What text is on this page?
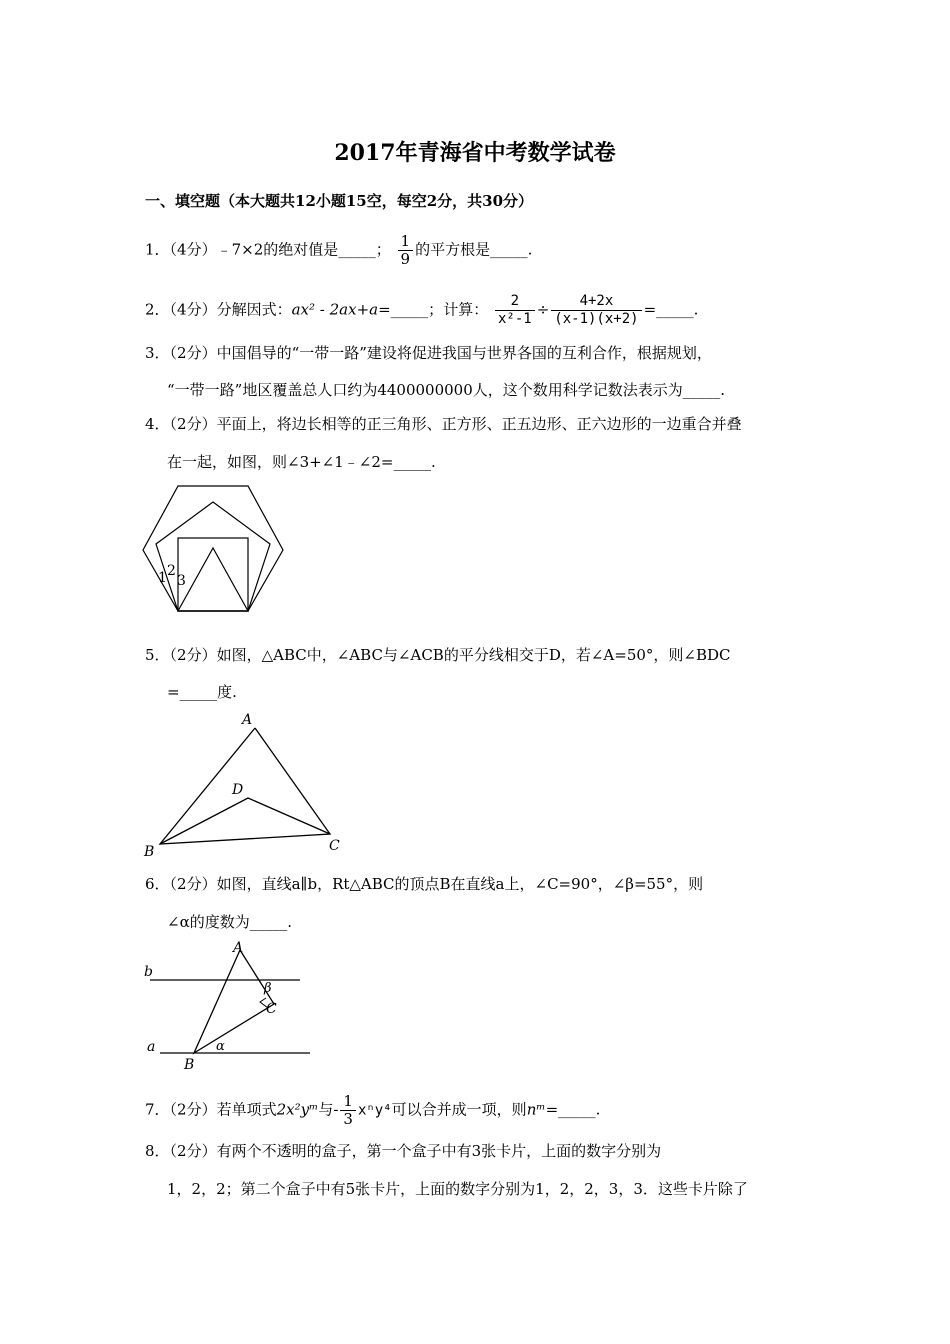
2017年青海省中考数学试卷
一、填空题（本大题共12小题15空，每空2分，共30分）
1．（4分）﹣7×2的绝对值是_____； $\frac{1}{9}$ 的平方根是_____.
2．（4分）分解因式：ax² - 2ax+a=_____；计算： $\frac{2}{\text{x²-1}} \div \frac{4+2x}{(x-1)(x+2)}$ =_____.
3．（2分）中国倡导的“一带一路”建设将促进我国与世界各国的互利合作，根据规划，
“一带一路”地区覆盖总人口约为4400000000人，这个数用科学记数法表示为_____.
4．（2分）平面上，将边长相等的正三角形、正方形、正五边形、正六边形的一边重合并叠
在一起，如图，则∠3+∠1﹣∠2=_____.
1 2
3
5．（2分）如图，△ABC中，∠ABC与∠ACB的平分线相交于D，若∠A=50°，则∠BDC
=_____度.
A
D
B	C
6．（2分）如图，直线a∥b，Rt△ABC的顶点B在直线a上，∠C=90°，∠β=55°，则
∠α的度数为_____.
A
b
β
C
a	α
B
7．（2分）若单项式2x²yᵐ与- $\frac{1}{3} x^ny^4$可以合并成一项，则nᵐ=_____.
8．（2分）有两个不透明的盒子，第一个盒子中有3张卡片，上面的数字分别为
1，2，2；第二个盒子中有5张卡片，上面的数字分别为1，2，2，3，3．这些卡片除了
